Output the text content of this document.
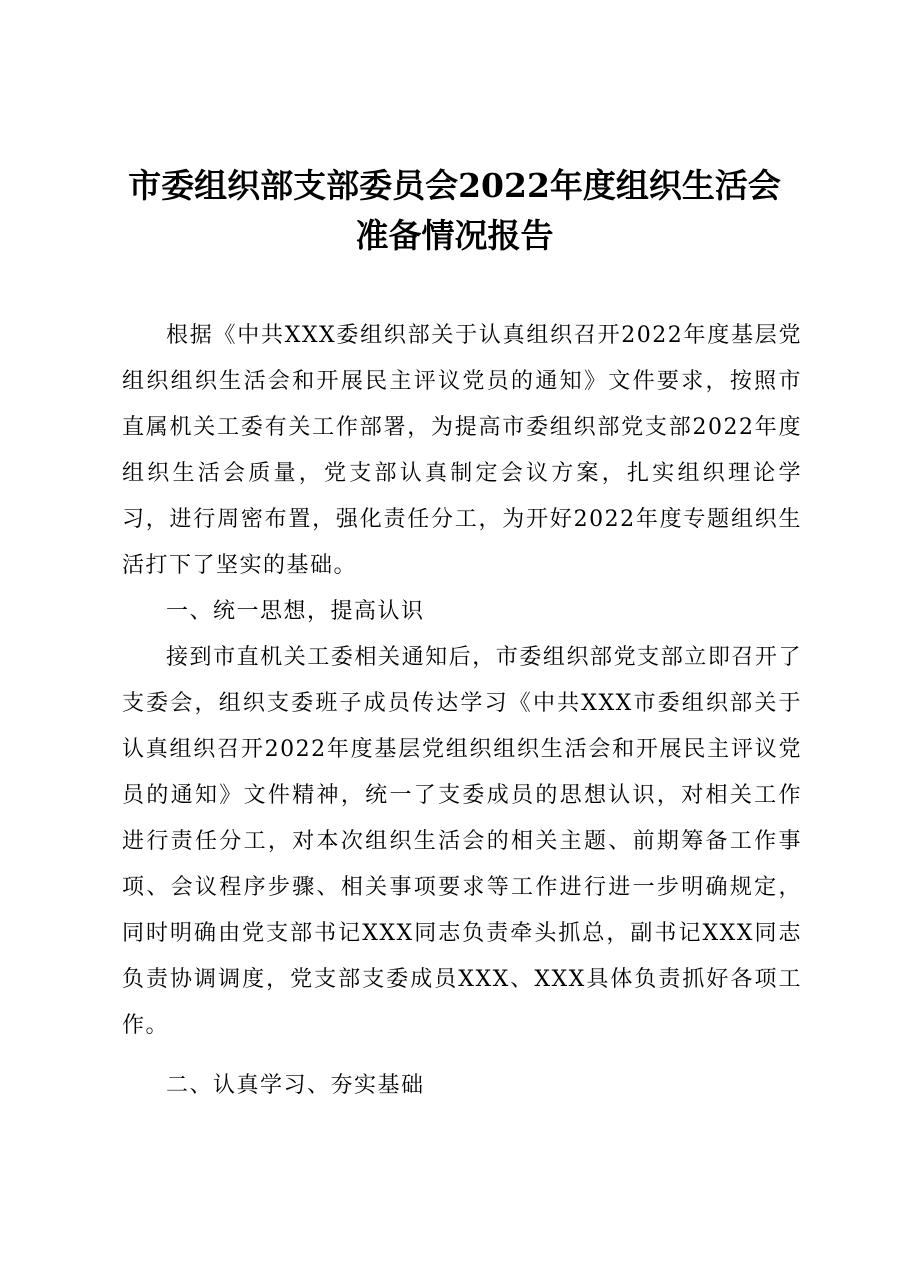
市委组织部支部委员会2022年度组织生活会
准备情况报告

根据《中共XXX委组织部关于认真组织召开2022年度基层党组织组织生活会和开展民主评议党员的通知》文件要求，按照市直属机关工委有关工作部署，为提高市委组织部党支部2022年度组织生活会质量，党支部认真制定会议方案，扎实组织理论学习，进行周密布置，强化责任分工，为开好2022年度专题组织生活打下了坚实的基础。

一、统一思想，提高认识

接到市直机关工委相关通知后，市委组织部党支部立即召开了支委会，组织支委班子成员传达学习《中共XXX市委组织部关于认真组织召开2022年度基层党组织组织生活会和开展民主评议党员的通知》文件精神，统一了支委成员的思想认识，对相关工作进行责任分工，对本次组织生活会的相关主题、前期筹备工作事项、会议程序步骤、相关事项要求等工作进行进一步明确规定，同时明确由党支部书记XXX同志负责牵头抓总，副书记XXX同志负责协调调度，党支部支委成员XXX、XXX具体负责抓好各项工作。

二、认真学习、夯实基础
